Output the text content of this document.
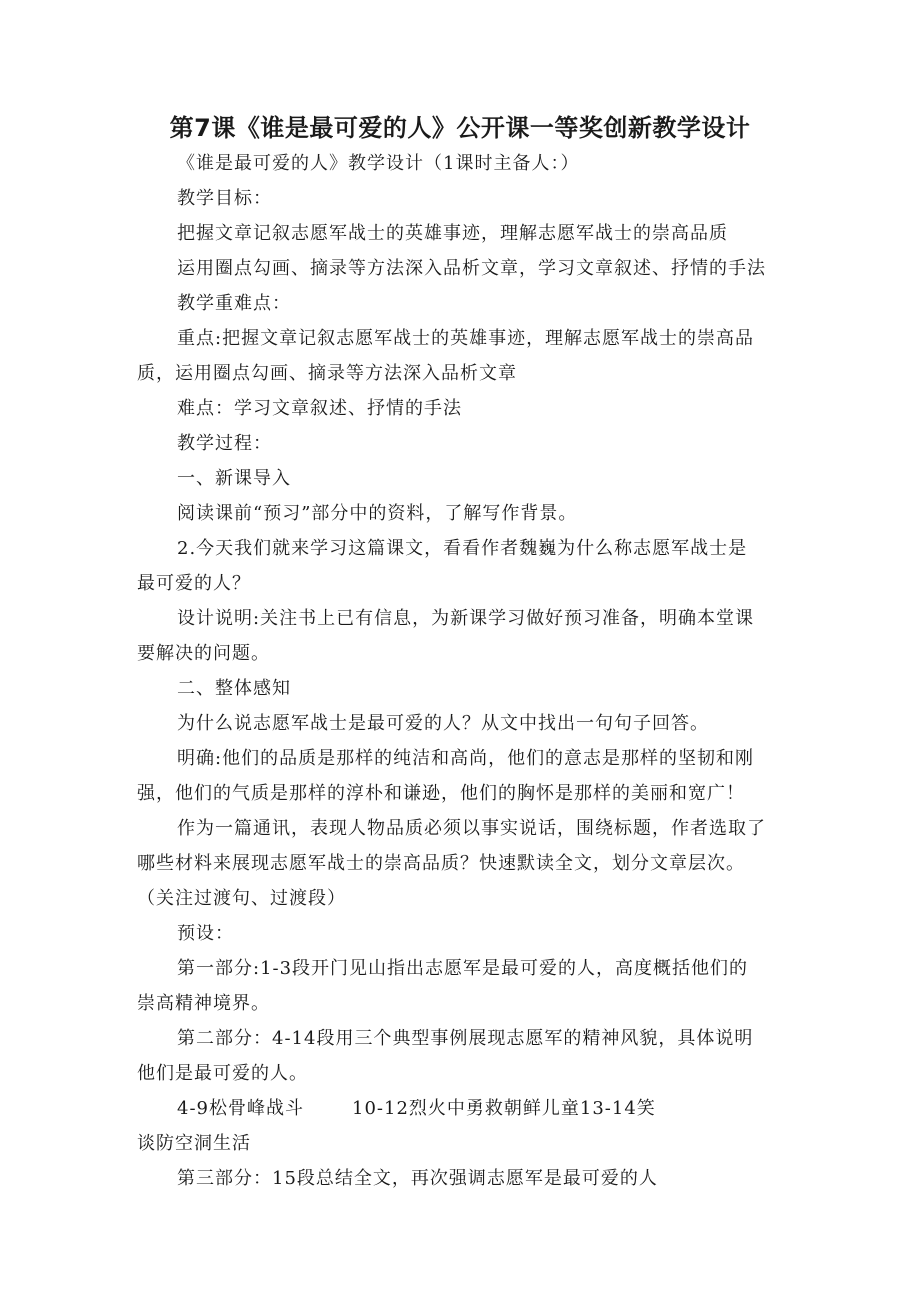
第7课《谁是最可爱的人》公开课一等奖创新教学设计
《谁是最可爱的人》教学设计（1课时主备人：）
教学目标：
把握文章记叙志愿军战士的英雄事迹，理解志愿军战士的崇高品质
运用圈点勾画、摘录等方法深入品析文章，学习文章叙述、抒情的手法
教学重难点：
重点:把握文章记叙志愿军战士的英雄事迹，理解志愿军战士的崇高品
质，运用圈点勾画、摘录等方法深入品析文章
难点：学习文章叙述、抒情的手法
教学过程：
一、新课导入
阅读课前“预习”部分中的资料，了解写作背景。
2.今天我们就来学习这篇课文，看看作者魏巍为什么称志愿军战士是
最可爱的人？
设计说明:关注书上已有信息，为新课学习做好预习准备，明确本堂课
要解决的问题。
二、整体感知
为什么说志愿军战士是最可爱的人？从文中找出一句句子回答。
明确:他们的品质是那样的纯洁和高尚，他们的意志是那样的坚韧和刚
强，他们的气质是那样的淳朴和谦逊，他们的胸怀是那样的美丽和宽广！
作为一篇通讯，表现人物品质必须以事实说话，围绕标题，作者选取了
哪些材料来展现志愿军战士的崇高品质？快速默读全文，划分文章层次。
（关注过渡句、过渡段）
预设：
第一部分:1-3段开门见山指出志愿军是最可爱的人，高度概括他们的
崇高精神境界。
第二部分：4-14段用三个典型事例展现志愿军的精神风貌，具体说明
他们是最可爱的人。
4-9松骨峰战斗	10-12烈火中勇救朝鲜儿童13-14笑
谈防空洞生活
第三部分：15段总结全文，再次强调志愿军是最可爱的人
